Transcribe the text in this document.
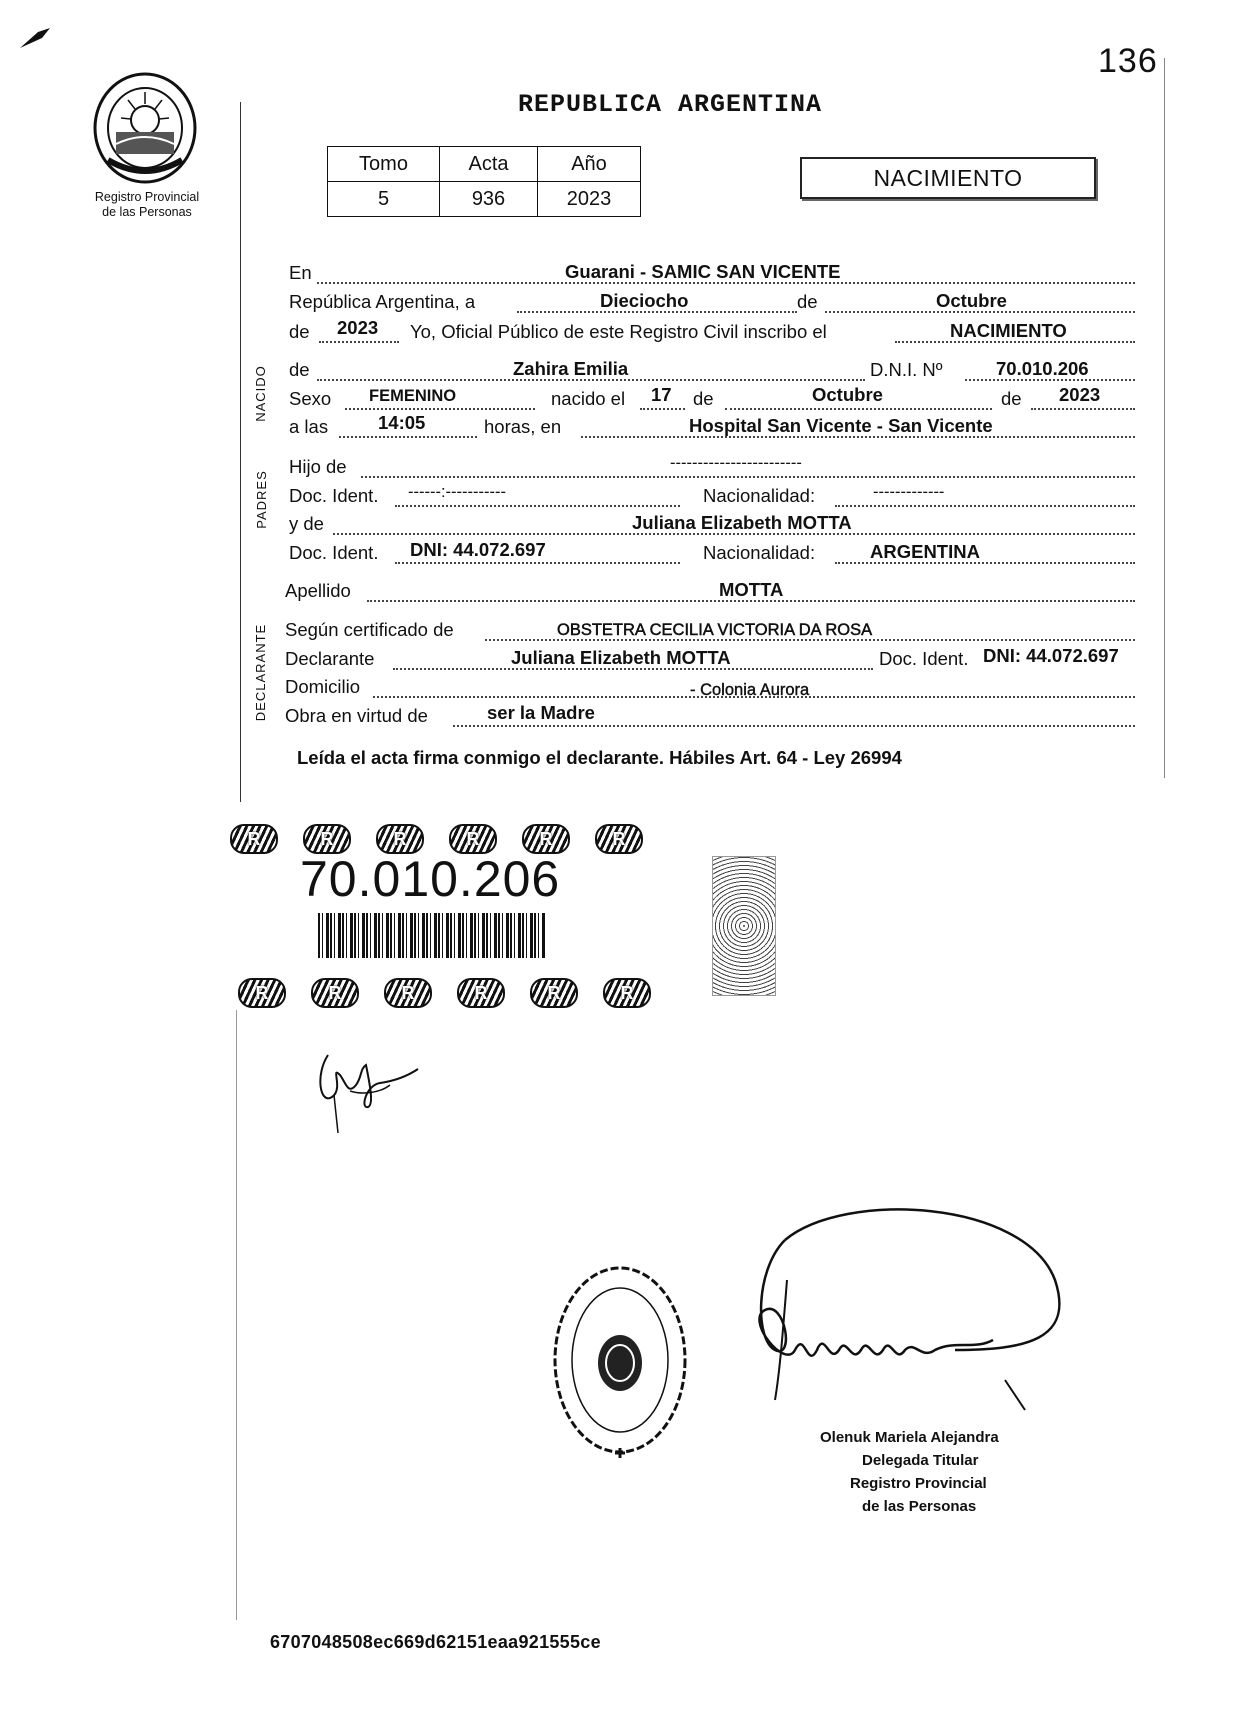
136
Registro Provincial
de las Personas
REPUBLICA ARGENTINA
Tomo	Acta	Año
5	936	2023
NACIMIENTO
NACIDO
PADRES
DECLARANTE
En	Guarani - SAMIC SAN VICENTE
República Argentina, a	Dieciocho	de	Octubre
de 2023 Yo, Oficial Público de este Registro Civil inscribo el	NACIMIENTO
de	Zahira Emilia	D.N.I. Nº	70.010.206
Sexo FEMENINO	nacido el 17 de	Octubre	de 2023
a las	14:05	horas, en	Hospital San Vicente - San Vicente
Hijo de	------------------------
Doc. Ident. ------:-----------	Nacionalidad:	-------------
y de	Juliana Elizabeth MOTTA
Doc. Ident. DNI: 44.072.697	Nacionalidad:	ARGENTINA
Apellido	MOTTA
Según certificado de	OBSTETRA CECILIA VICTORIA DA ROSA
Declarante	Juliana Elizabeth MOTTA	Doc. Ident. DNI: 44.072.697
Domicilio	- Colonia Aurora
Obra en virtud de	ser la Madre
Leída el acta firma conmigo el declarante. Hábiles Art. 64 - Ley 26994
R	R	R	R	R	R
70.010.206
R	R	R	R	R	R
Olenuk Mariela Alejandra
Delegada Titular
Registro Provincial
de las Personas
6707048508ec669d62151eaa921555ce
